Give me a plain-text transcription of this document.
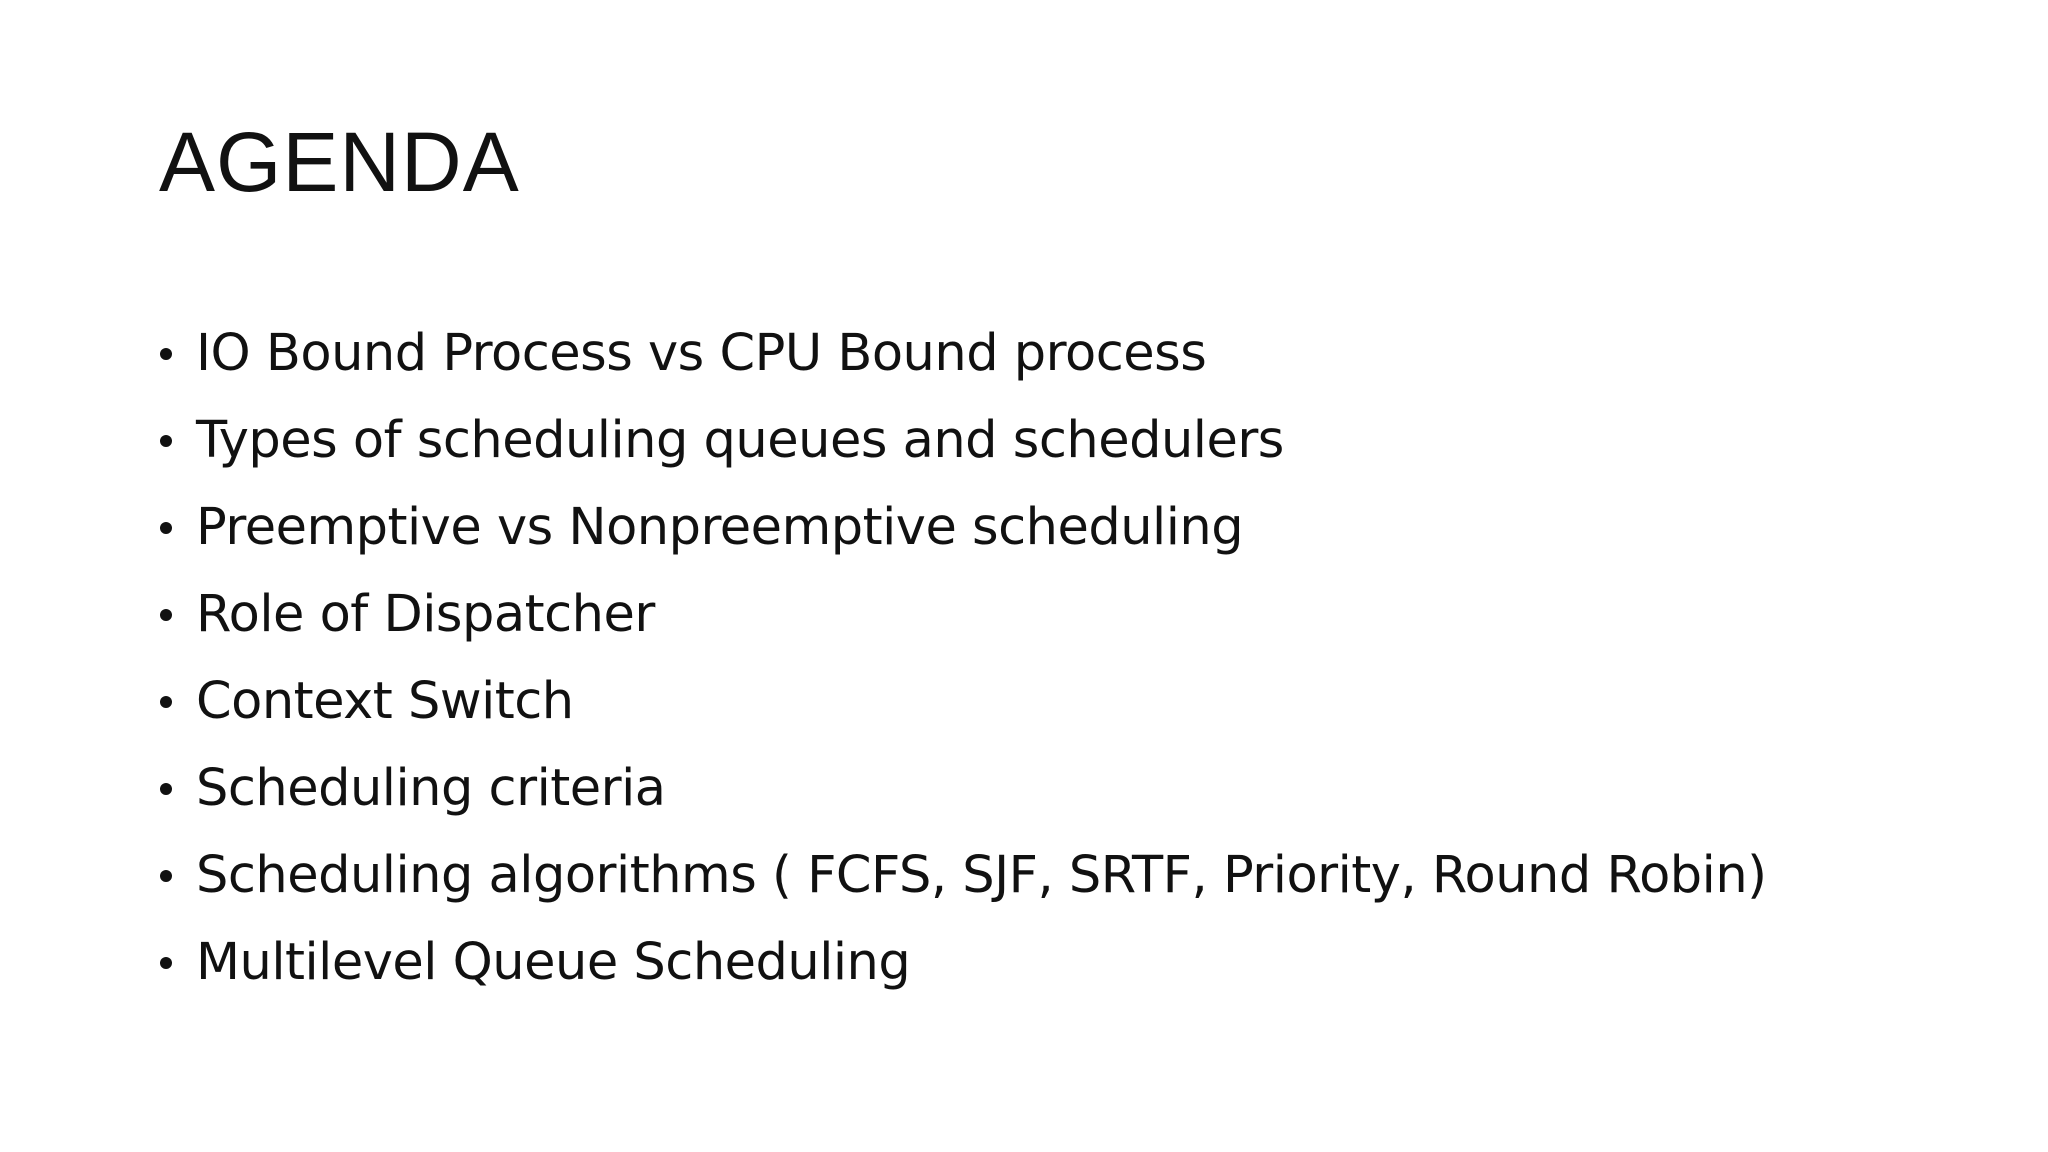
AGENDA
IO Bound Process vs CPU Bound process
Types of scheduling queues and schedulers
Preemptive vs Nonpreemptive scheduling
Role of Dispatcher
Context Switch
Scheduling criteria
Scheduling algorithms ( FCFS, SJF, SRTF, Priority, Round Robin)
Multilevel Queue Scheduling
